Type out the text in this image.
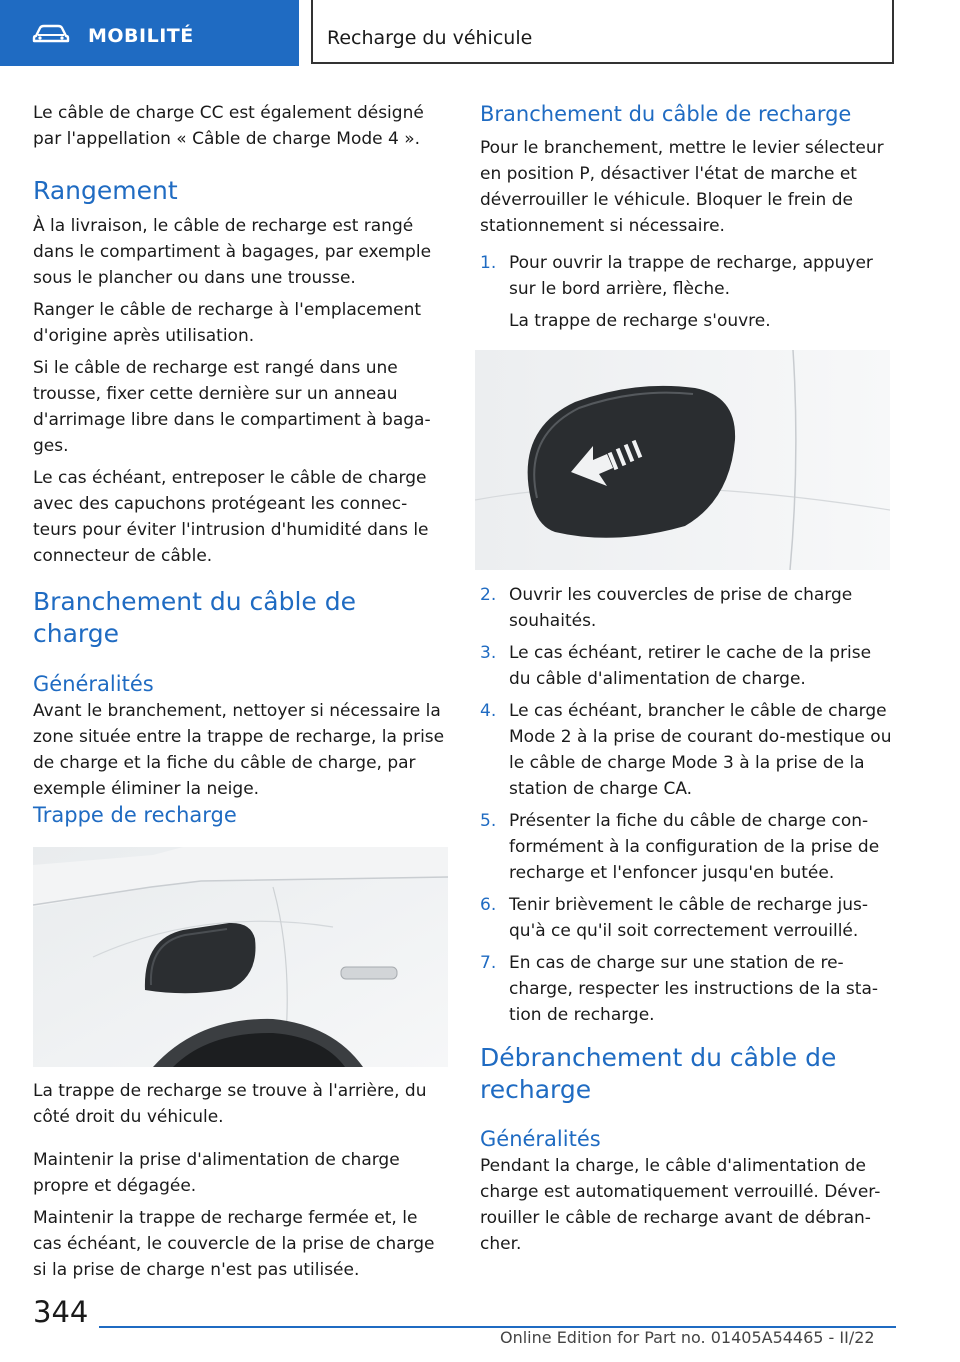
MOBILITÉ	Recharge du véhicule

Le câble de charge CC est également désigné par l'appellation « Câble de charge Mode 4 ».

Rangement

À la livraison, le câble de recharge est rangé dans le compartiment à bagages, par exemple sous le plancher ou dans une trousse.

Ranger le câble de recharge à l'emplacement d'origine après utilisation.

Si le câble de recharge est rangé dans une trousse, fixer cette dernière sur un anneau d'arrimage libre dans le compartiment à baga-ges.

Le cas échéant, entreposer le câble de charge avec des capuchons protégeant les connec-teurs pour éviter l'intrusion d'humidité dans le connecteur de câble.

Branchement du câble de charge
Généralités

Avant le branchement, nettoyer si nécessaire la zone située entre la trappe de recharge, la prise de charge et la fiche du câble de charge, par exemple éliminer la neige.

Trappe de recharge

La trappe de recharge se trouve à l'arrière, du côté droit du véhicule.

Maintenir la prise d'alimentation de charge propre et dégagée.

Maintenir la trappe de recharge fermée et, le cas échéant, le couvercle de la prise de charge si la prise de charge n'est pas utilisée.

Branchement du câble de recharge

Pour le branchement, mettre le levier sélecteur en position P, désactiver l'état de marche et déverrouiller le véhicule. Bloquer le frein de stationnement si nécessaire.

1. Pour ouvrir la trappe de recharge, appuyer sur le bord arrière, flèche.

La trappe de recharge s'ouvre.

2. Ouvrir les couvercles de prise de charge souhaités.
3. Le cas échéant, retirer le cache de la prise du câble d'alimentation de charge.
4. Le cas échéant, brancher le câble de charge Mode 2 à la prise de courant do-mestique ou le câble de charge Mode 3 à la prise de la station de charge CA.
5. Présenter la fiche du câble de charge con-formément à la configuration de la prise de recharge et l'enfoncer jusqu'en butée.
6. Tenir brièvement le câble de recharge jus-qu'à ce qu'il soit correctement verrouillé.
7. En cas de charge sur une station de re-charge, respecter les instructions de la sta-tion de recharge.
Débranchement du câble de recharge
Généralités

Pendant la charge, le câble d'alimentation de charge est automatiquement verrouillé. Déver-rouiller le câble de recharge avant de débran-cher.

344
Online Edition for Part no. 01405A54465 - II/22
